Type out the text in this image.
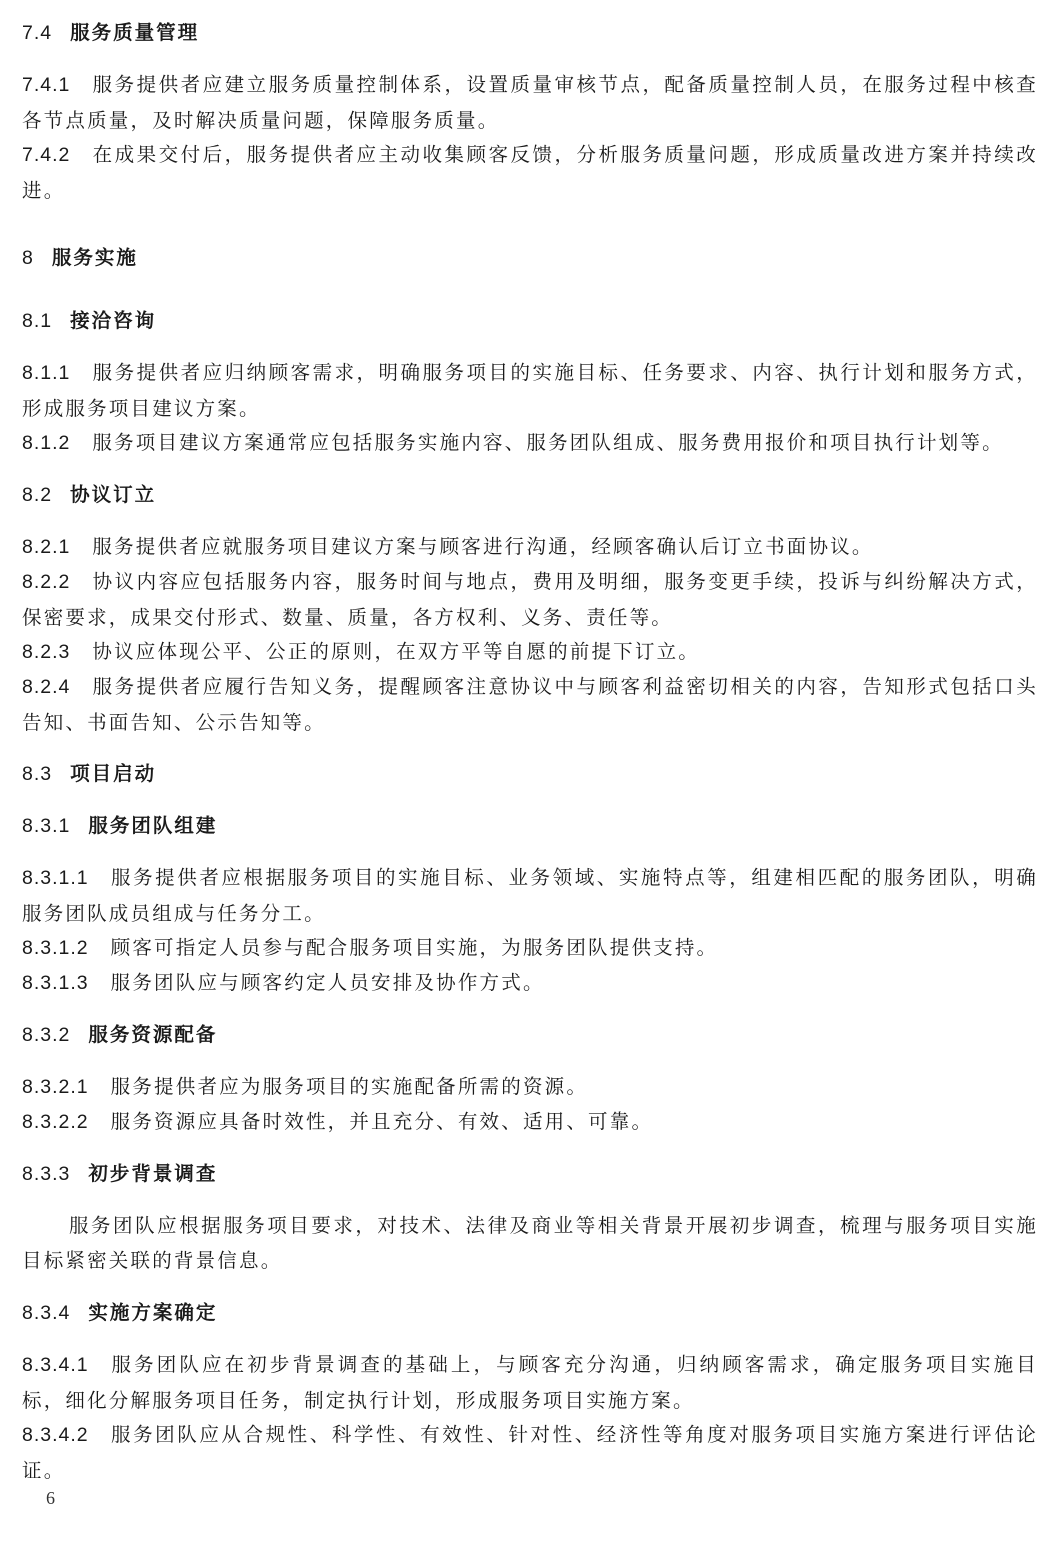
7.4 服务质量管理

7.4.1 服务提供者应建立服务质量控制体系，设置质量审核节点，配备质量控制人员，在服务过程中核查各节点质量，及时解决质量问题，保障服务质量。

7.4.2 在成果交付后，服务提供者应主动收集顾客反馈，分析服务质量问题，形成质量改进方案并持续改进。

8 服务实施
8.1 接洽咨询

8.1.1 服务提供者应归纳顾客需求，明确服务项目的实施目标、任务要求、内容、执行计划和服务方式，形成服务项目建议方案。

8.1.2 服务项目建议方案通常应包括服务实施内容、服务团队组成、服务费用报价和项目执行计划等。

8.2 协议订立

8.2.1 服务提供者应就服务项目建议方案与顾客进行沟通，经顾客确认后订立书面协议。

8.2.2 协议内容应包括服务内容，服务时间与地点，费用及明细，服务变更手续，投诉与纠纷解决方式，保密要求，成果交付形式、数量、质量，各方权利、义务、责任等。

8.2.3 协议应体现公平、公正的原则，在双方平等自愿的前提下订立。

8.2.4 服务提供者应履行告知义务，提醒顾客注意协议中与顾客利益密切相关的内容，告知形式包括口头告知、书面告知、公示告知等。

8.3 项目启动
8.3.1 服务团队组建

8.3.1.1 服务提供者应根据服务项目的实施目标、业务领域、实施特点等，组建相匹配的服务团队，明确服务团队成员组成与任务分工。

8.3.1.2 顾客可指定人员参与配合服务项目实施，为服务团队提供支持。

8.3.1.3 服务团队应与顾客约定人员安排及协作方式。

8.3.2 服务资源配备

8.3.2.1 服务提供者应为服务项目的实施配备所需的资源。

8.3.2.2 服务资源应具备时效性，并且充分、有效、适用、可靠。

8.3.3 初步背景调查

服务团队应根据服务项目要求，对技术、法律及商业等相关背景开展初步调查，梳理与服务项目实施目标紧密关联的背景信息。

8.3.4 实施方案确定

8.3.4.1 服务团队应在初步背景调查的基础上，与顾客充分沟通，归纳顾客需求，确定服务项目实施目标，细化分解服务项目任务，制定执行计划，形成服务项目实施方案。

8.3.4.2 服务团队应从合规性、科学性、有效性、针对性、经济性等角度对服务项目实施方案进行评估论证。

6
